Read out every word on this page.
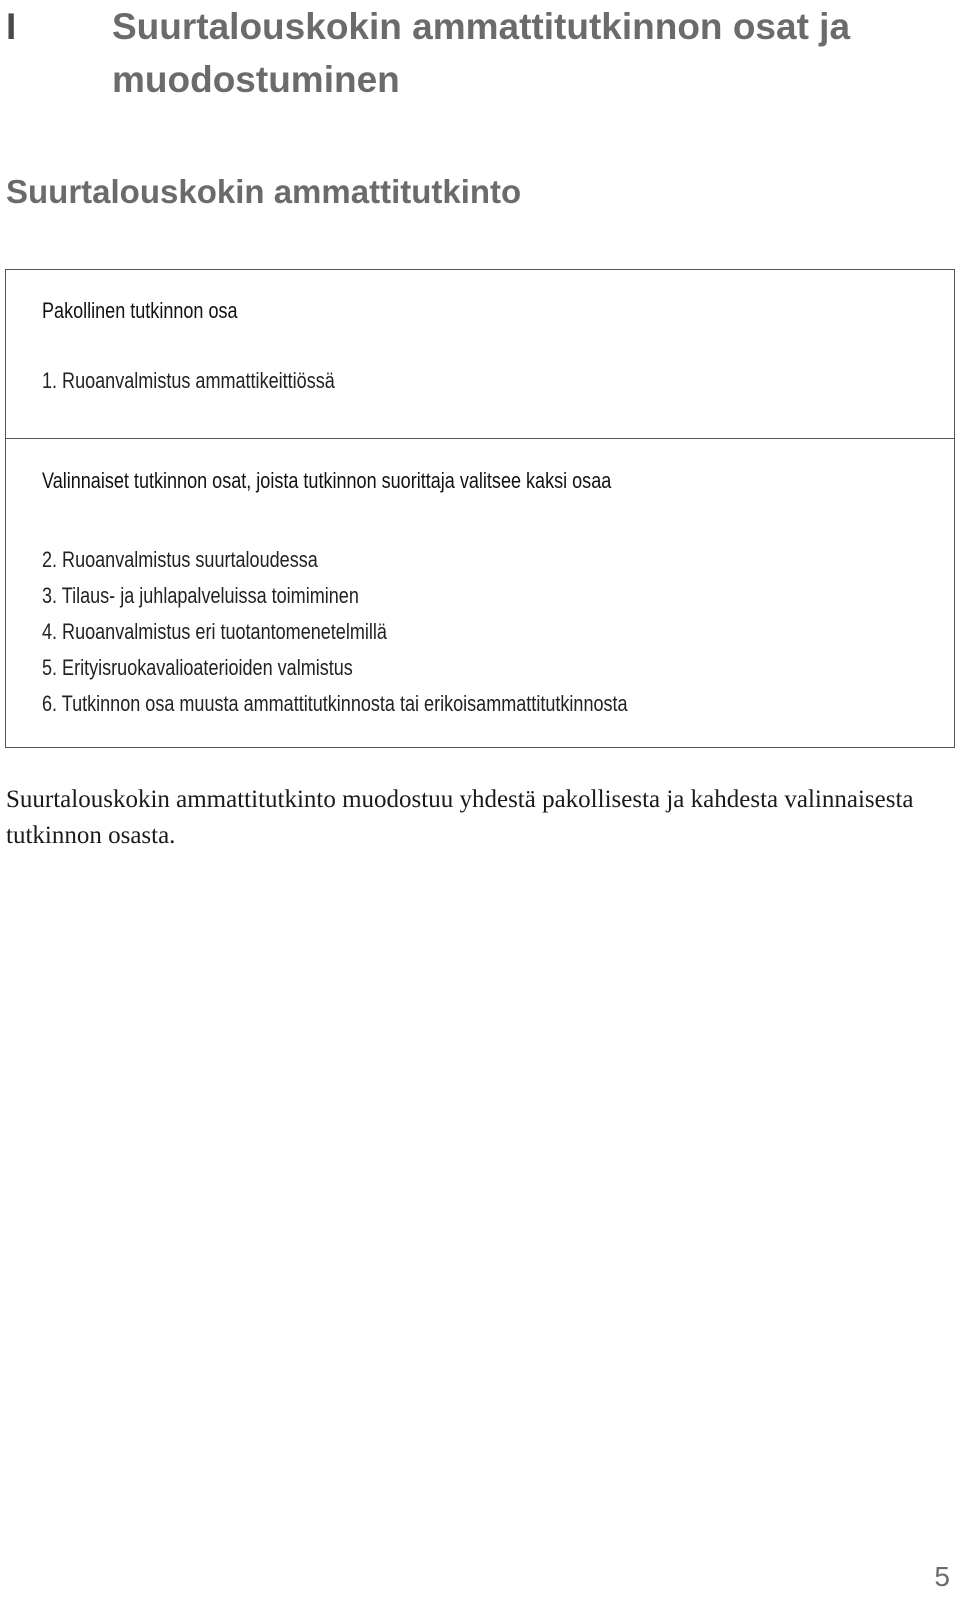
I	Suurtalouskokin ammattitutkinnon osat ja muodostuminen
Suurtalouskokin ammattitutkinto
Pakollinen tutkinnon osa
1. Ruoanvalmistus ammattikeittiössä
Valinnaiset tutkinnon osat, joista tutkinnon suorittaja valitsee kaksi osaa
2. Ruoanvalmistus suurtaloudessa
3. Tilaus- ja juhlapalveluissa toimiminen
4. Ruoanvalmistus eri tuotantomenetelmillä
5. Erityisruokavalioaterioiden valmistus
6. Tutkinnon osa muusta ammattitutkinnosta tai erikoisammattitutkinnosta

Suurtalouskokin ammattitutkinto muodostuu yhdestä pakollisesta ja kahdesta valinnaisesta tutkinnon osasta.

5
